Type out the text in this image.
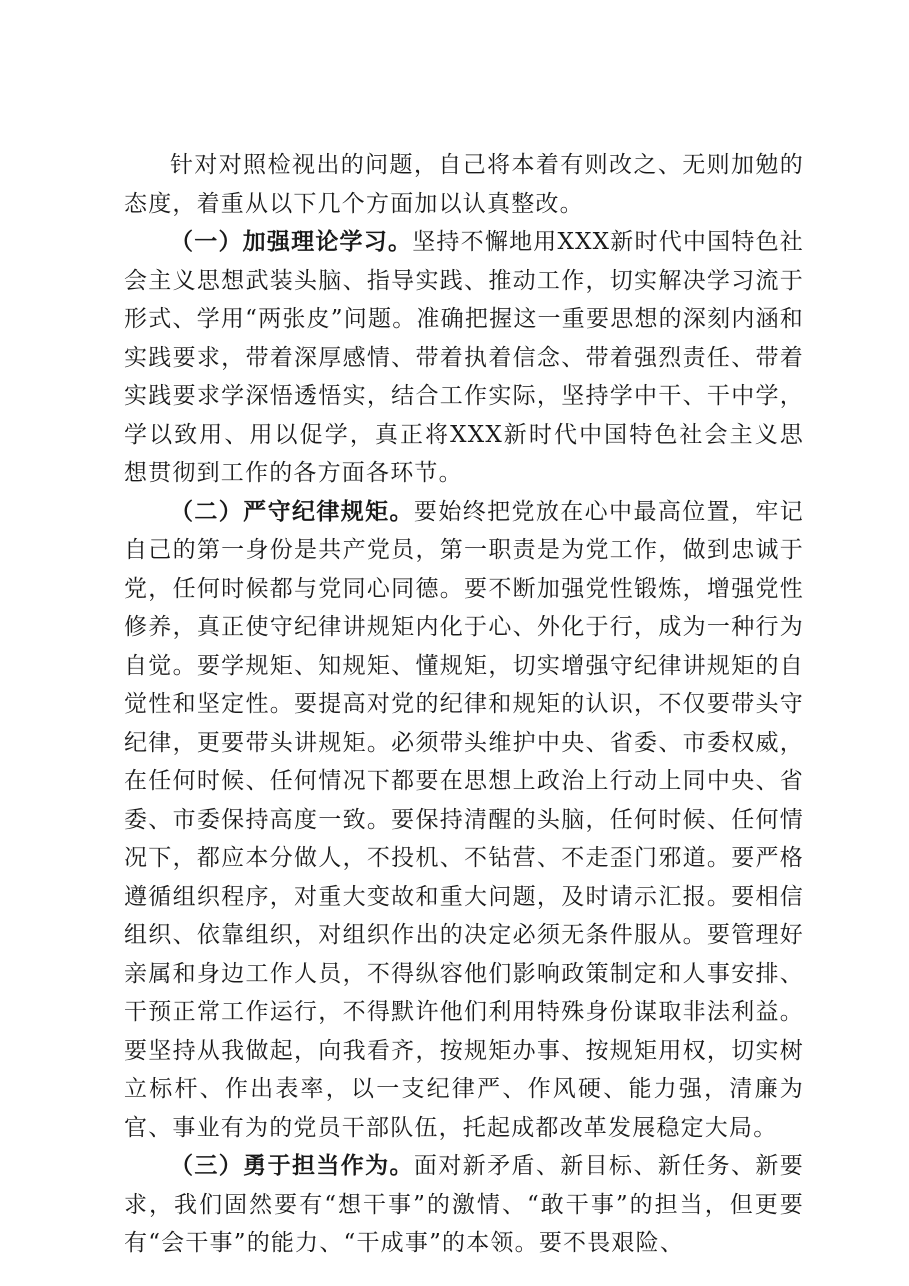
针对对照检视出的问题，自己将本着有则改之、无则加勉的态度，着重从以下几个方面加以认真整改。

（一）加强理论学习。坚持不懈地用XXX新时代中国特色社会主义思想武装头脑、指导实践、推动工作，切实解决学习流于形式、学用“两张皮”问题。准确把握这一重要思想的深刻内涵和实践要求，带着深厚感情、带着执着信念、带着强烈责任、带着实践要求学深悟透悟实，结合工作实际，坚持学中干、干中学，学以致用、用以促学，真正将XXX新时代中国特色社会主义思想贯彻到工作的各方面各环节。

（二）严守纪律规矩。要始终把党放在心中最高位置，牢记自己的第一身份是共产党员，第一职责是为党工作，做到忠诚于党，任何时候都与党同心同德。要不断加强党性锻炼，增强党性修养，真正使守纪律讲规矩内化于心、外化于行，成为一种行为自觉。要学规矩、知规矩、懂规矩，切实增强守纪律讲规矩的自觉性和坚定性。要提高对党的纪律和规矩的认识，不仅要带头守纪律，更要带头讲规矩。必须带头维护中央、省委、市委权威，在任何时候、任何情况下都要在思想上政治上行动上同中央、省委、市委保持高度一致。要保持清醒的头脑，任何时候、任何情况下，都应本分做人，不投机、不钻营、不走歪门邪道。要严格遵循组织程序，对重大变故和重大问题，及时请示汇报。要相信组织、依靠组织，对组织作出的决定必须无条件服从。要管理好亲属和身边工作人员，不得纵容他们影响政策制定和人事安排、干预正常工作运行，不得默许他们利用特殊身份谋取非法利益。要坚持从我做起，向我看齐，按规矩办事、按规矩用权，切实树立标杆、作出表率，以一支纪律严、作风硬、能力强，清廉为官、事业有为的党员干部队伍，托起成都改革发展稳定大局。

（三）勇于担当作为。面对新矛盾、新目标、新任务、新要求，我们固然要有“想干事”的激情、“敢干事”的担当，但更要有“会干事”的能力、“干成事”的本领。要不畏艰险、
